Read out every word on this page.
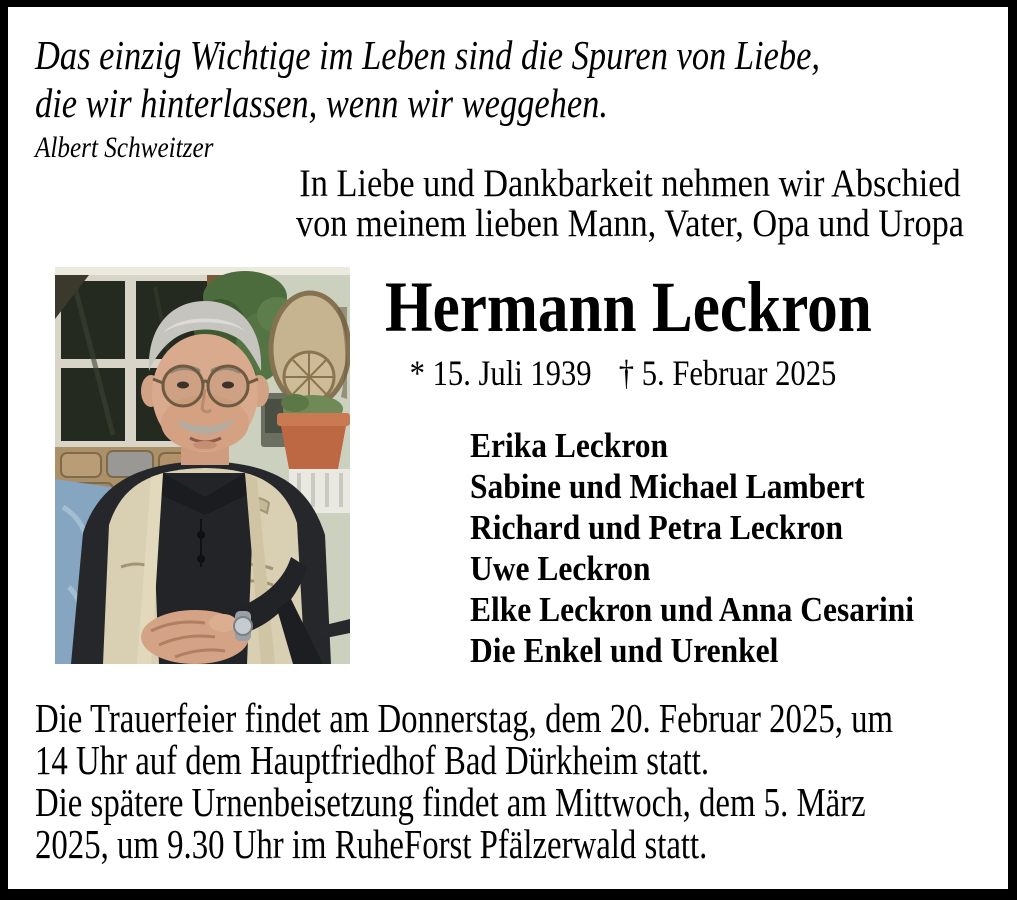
Das einzig Wichtige im Leben sind die Spuren von Liebe,
die wir hinterlassen, wenn wir weggehen.
Albert Schweitzer
In Liebe und Dankbarkeit nehmen wir Abschied
von meinem lieben Mann, Vater, Opa und Uropa
Hermann Leckron
* 15. Juli 1939 † 5. Februar 2025
Erika Leckron
Sabine und Michael Lambert
Richard und Petra Leckron
Uwe Leckron
Elke Leckron und Anna Cesarini
Die Enkel und Urenkel
Die Trauerfeier findet am Donnerstag, dem 20. Februar 2025, um
14 Uhr auf dem Hauptfriedhof Bad Dürkheim statt.
Die spätere Urnenbeisetzung findet am Mittwoch, dem 5. März
2025, um 9.30 Uhr im RuheForst Pfälzerwald statt.
